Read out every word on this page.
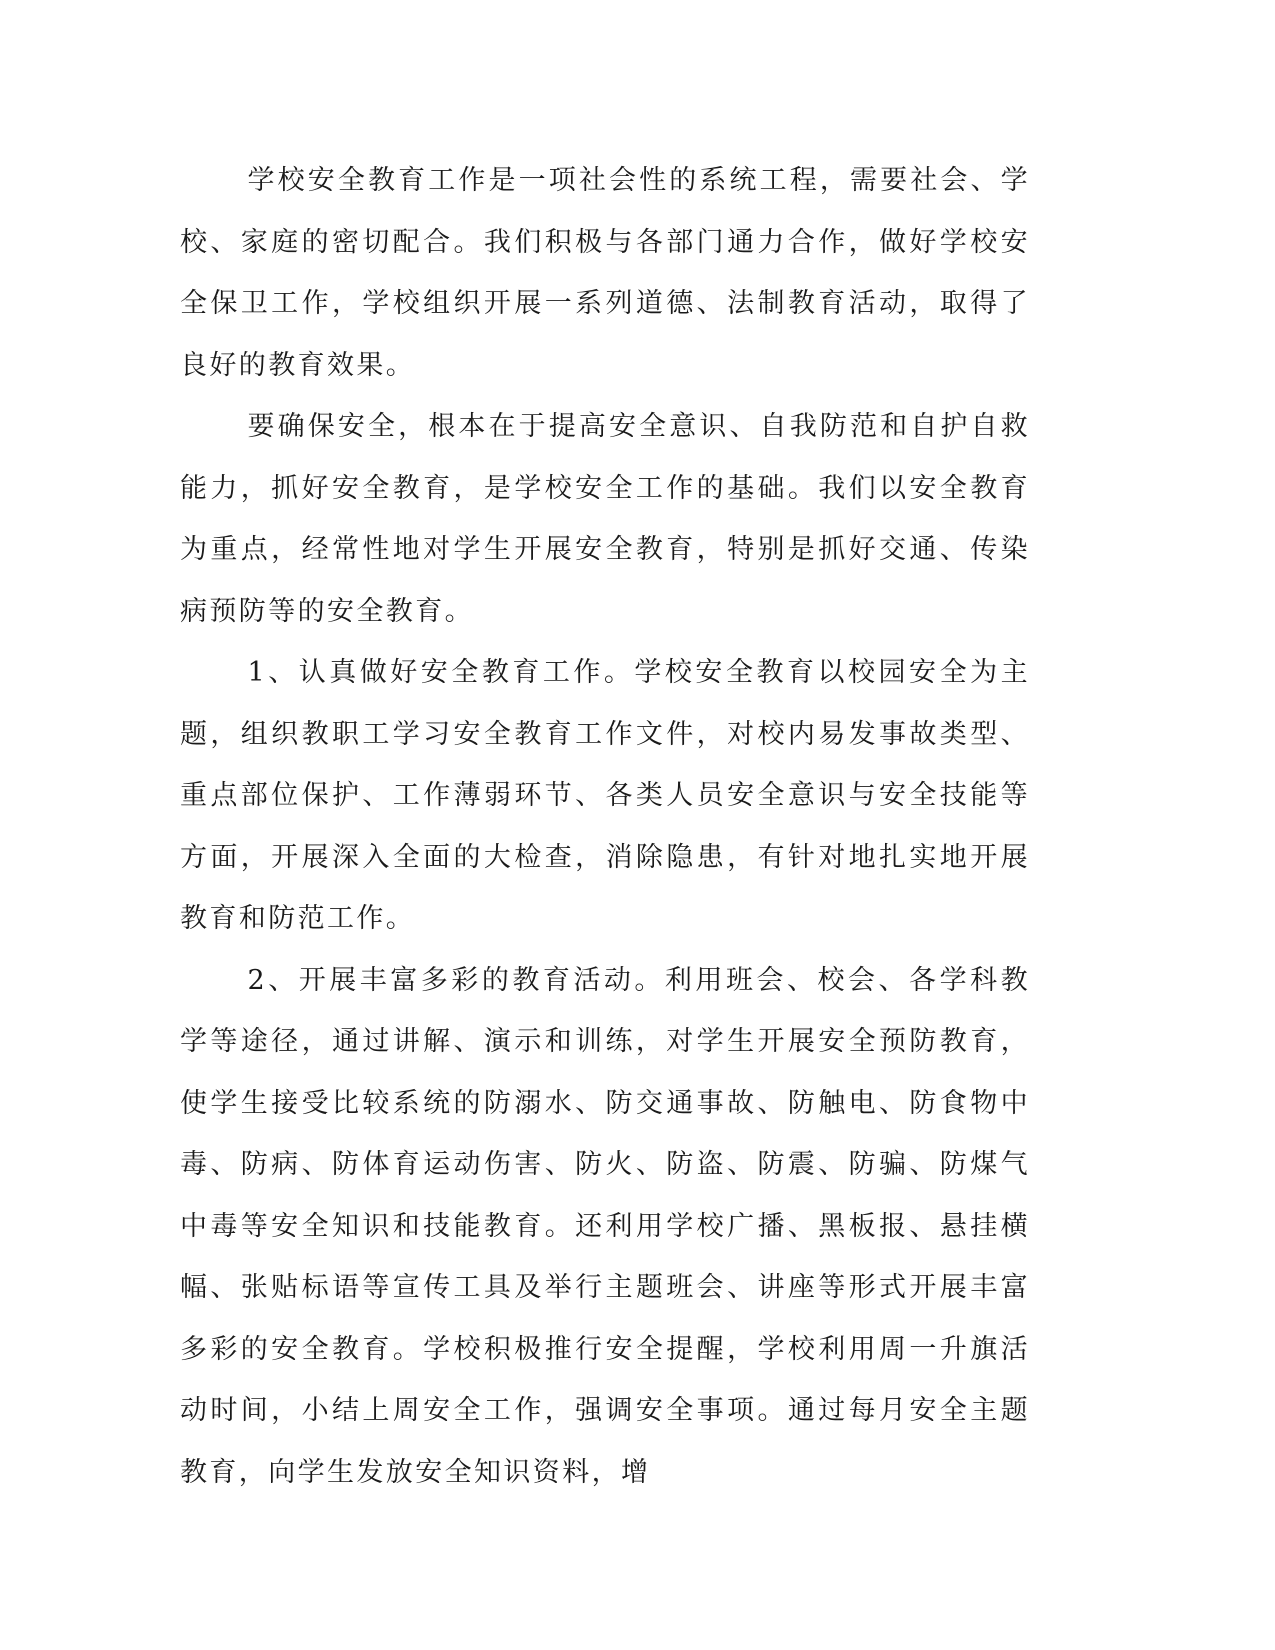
学校安全教育工作是一项社会性的系统工程，需要社会、学校、家庭的密切配合。我们积极与各部门通力合作，做好学校安全保卫工作，学校组织开展一系列道德、法制教育活动，取得了良好的教育效果。

要确保安全，根本在于提高安全意识、自我防范和自护自救能力，抓好安全教育，是学校安全工作的基础。我们以安全教育为重点，经常性地对学生开展安全教育，特别是抓好交通、传染病预防等的安全教育。

1、认真做好安全教育工作。学校安全教育以校园安全为主题，组织教职工学习安全教育工作文件，对校内易发事故类型、重点部位保护、工作薄弱环节、各类人员安全意识与安全技能等方面，开展深入全面的大检查，消除隐患，有针对地扎实地开展教育和防范工作。

2、开展丰富多彩的教育活动。利用班会、校会、各学科教学等途径，通过讲解、演示和训练，对学生开展安全预防教育，使学生接受比较系统的防溺水、防交通事故、防触电、防食物中毒、防病、防体育运动伤害、防火、防盗、防震、防骗、防煤气中毒等安全知识和技能教育。还利用学校广播、黑板报、悬挂横幅、张贴标语等宣传工具及举行主题班会、讲座等形式开展丰富多彩的安全教育。学校积极推行安全提醒，学校利用周一升旗活动时间，小结上周安全工作，强调安全事项。通过每月安全主题教育，向学生发放安全知识资料，增
